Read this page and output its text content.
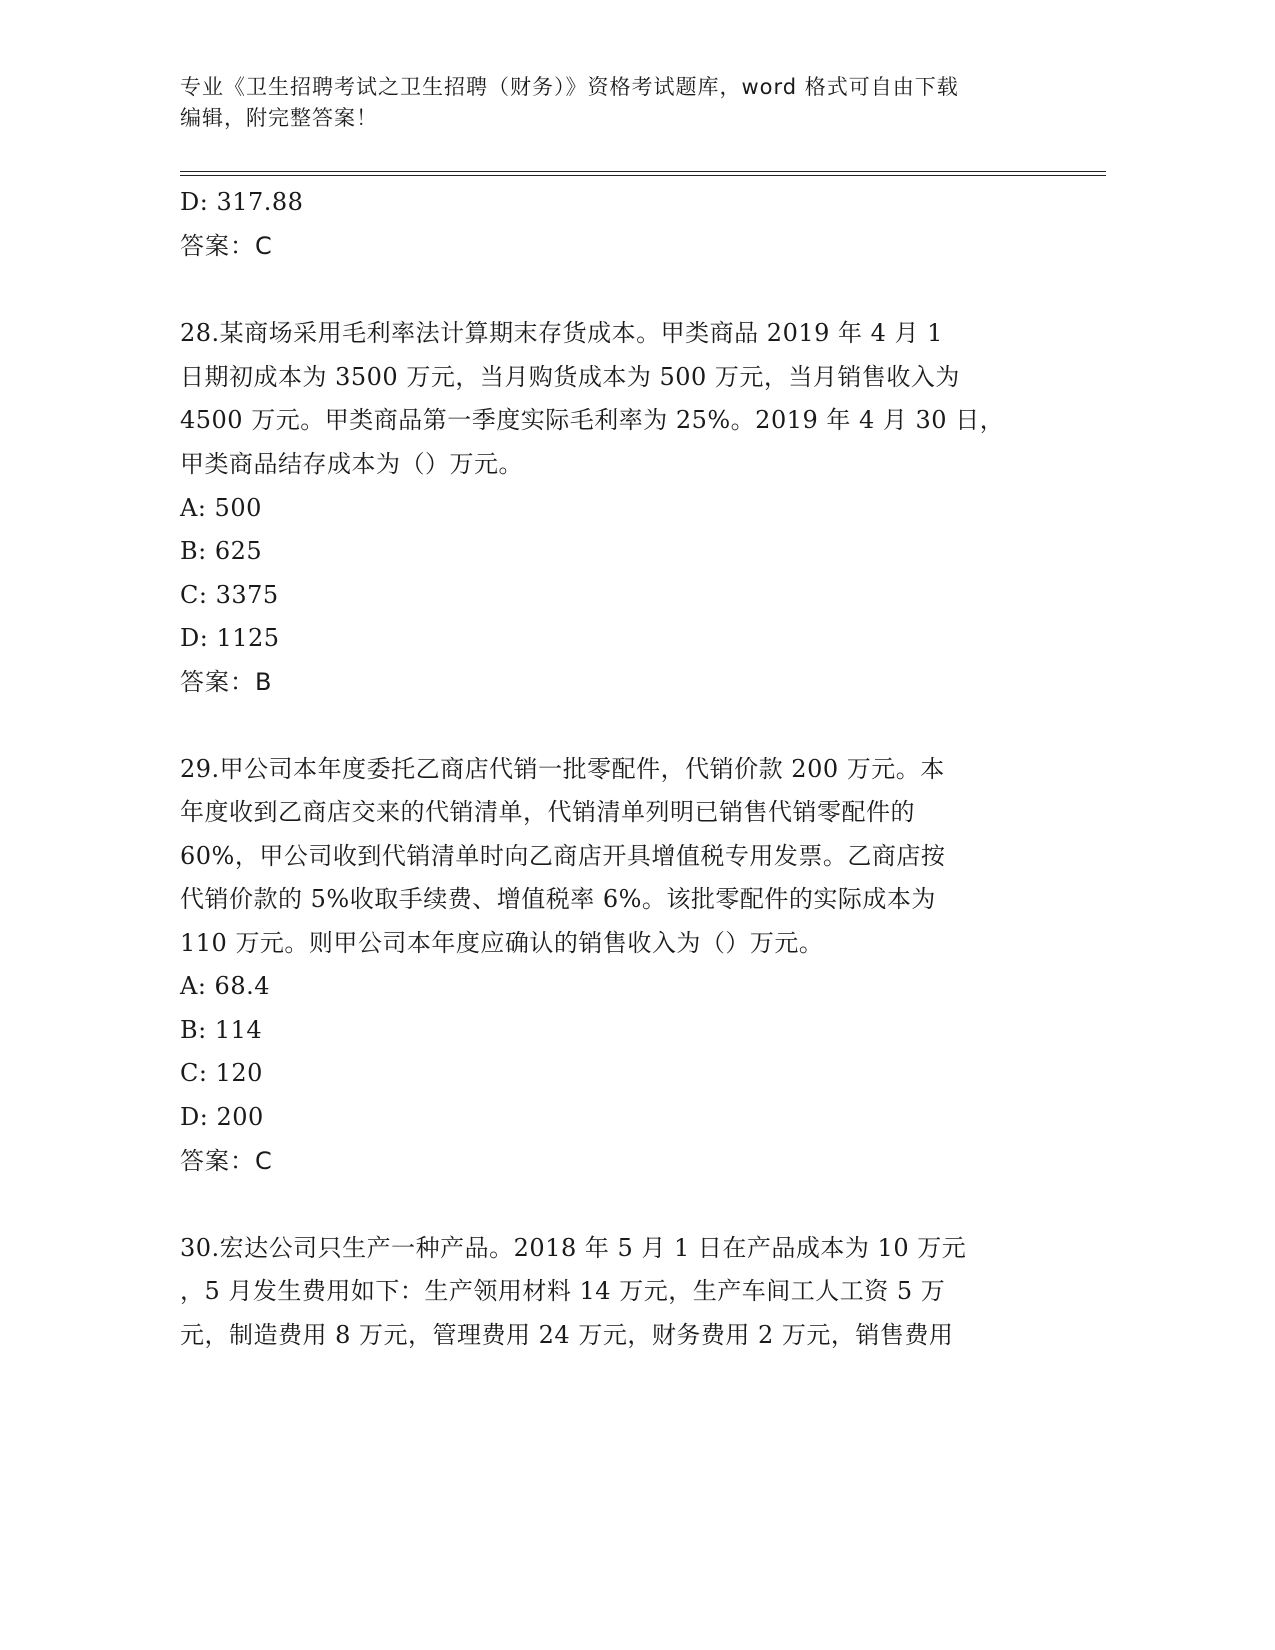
专业《卫生招聘考试之卫生招聘（财务）》资格考试题库，word 格式可自由下载
编辑，附完整答案！
D: 317.88
答案：C
28.某商场采用毛利率法计算期末存货成本。甲类商品 2019 年 4 月 1
日期初成本为 3500 万元，当月购货成本为 500 万元，当月销售收入为
4500 万元。甲类商品第一季度实际毛利率为 25%。2019 年 4 月 30 日，
甲类商品结存成本为（）万元。
A: 500
B: 625
C: 3375
D: 1125
答案：B
29.甲公司本年度委托乙商店代销一批零配件，代销价款 200 万元。本
年度收到乙商店交来的代销清单，代销清单列明已销售代销零配件的
60%，甲公司收到代销清单时向乙商店开具增值税专用发票。乙商店按
代销价款的 5%收取手续费、增值税率 6%。该批零配件的实际成本为
110 万元。则甲公司本年度应确认的销售收入为（）万元。
A: 68.4
B: 114
C: 120
D: 200
答案：C
30.宏达公司只生产一种产品。2018 年 5 月 1 日在产品成本为 10 万元
，5 月发生费用如下：生产领用材料 14 万元，生产车间工人工资 5 万
元，制造费用 8 万元，管理费用 24 万元，财务费用 2 万元，销售费用
